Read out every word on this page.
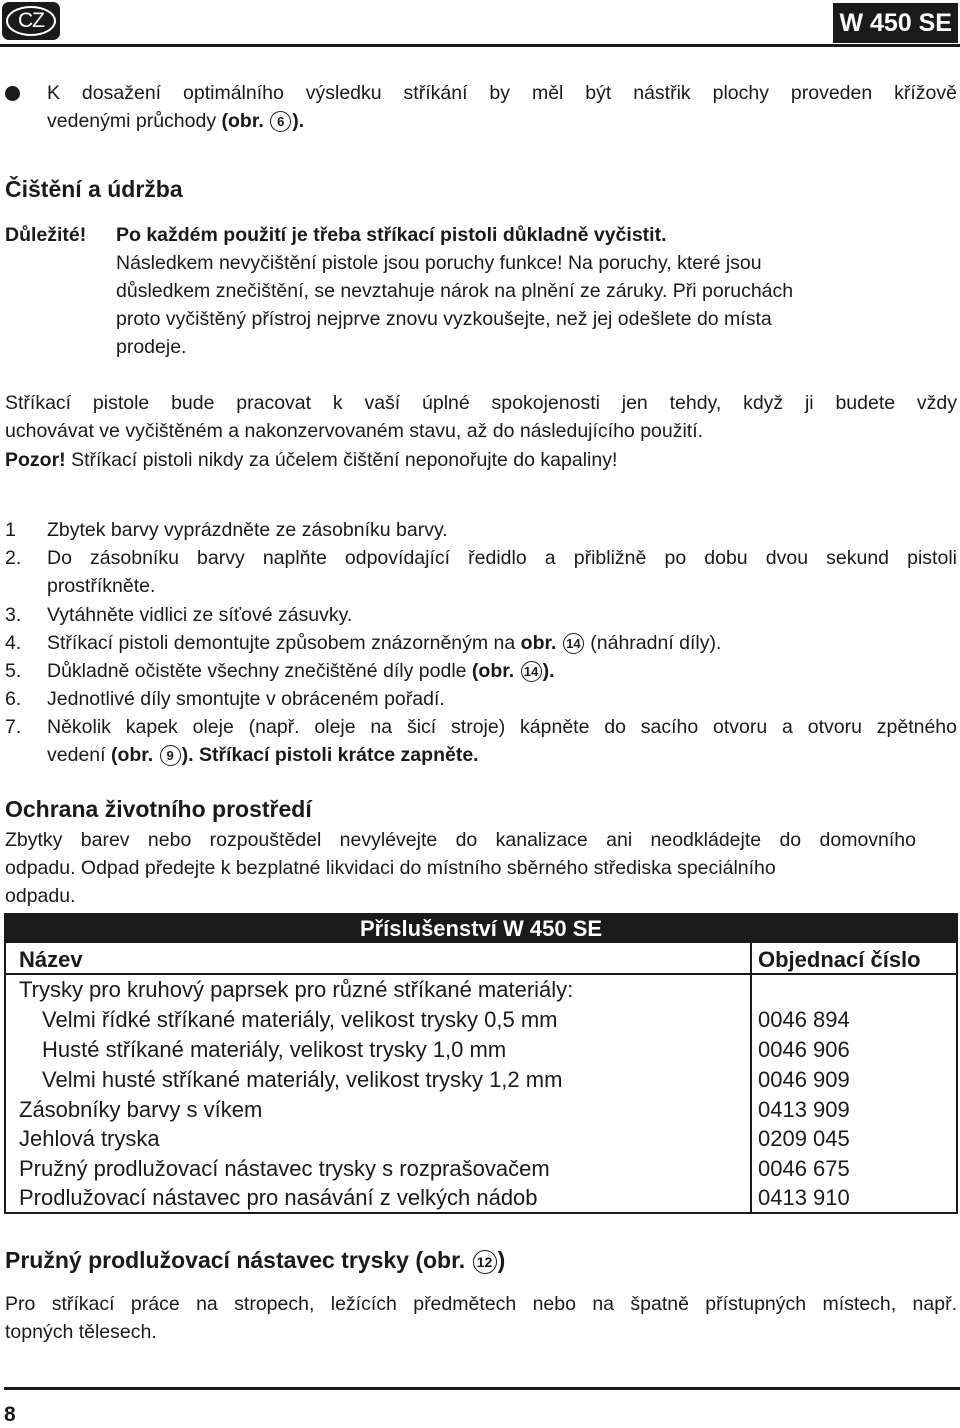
CZ	W 450 SE
K dosažení optimálního výsledku stříkání by měl být nástřik plochy proveden křížově
vedenými průchody (obr. 6 ).
Čištění a údržba
Důležité! Po každém použití je třeba stříkací pistoli důkladně vyčistit.
Následkem nevyčištění pistole jsou poruchy funkce! Na poruchy, které jsou
důsledkem znečištění, se nevztahuje nárok na plnění ze záruky. Při poruchách
proto vyčištěný přístroj nejprve znovu vyzkoušejte, než jej odešlete do místa
prodeje.
Stříkací pistole bude pracovat k vaší úplné spokojenosti jen tehdy, když ji budete vždy
uchovávat ve vyčištěném a nakonzervovaném stavu, až do následujícího použití.
Pozor! Stříkací pistoli nikdy za účelem čištění neponořujte do kapaliny!
1 Zbytek barvy vyprázdněte ze zásobníku barvy.
2. Do zásobníku barvy naplňte odpovídající ředidlo a přibližně po dobu dvou sekund pistoli
prostříkněte.
3. Vytáhněte vidlici ze síťové zásuvky.
4. Stříkací pistoli demontujte způsobem znázorněným na obr. 14 (náhradní díly).
5. Důkladně očistěte všechny znečištěné díly podle (obr. 14 ).
6. Jednotlivé díly smontujte v obráceném pořadí.
7. Několik kapek oleje (např. oleje na šicí stroje) kápněte do sacího otvoru a otvoru zpětného
vedení (obr. 9 ). Stříkací pistoli krátce zapněte.
Ochrana životního prostředí
Zbytky barev nebo rozpouštědel nevylévejte do kanalizace ani neodkládejte do domovního
odpadu. Odpad předejte k bezplatné likvidaci do místního sběrného střediska speciálního
odpadu.
Příslušenství W 450 SE
Název	Objednací číslo
Trysky pro kruhový paprsek pro různé stříkané materiály:
Velmi řídké stříkané materiály, velikost trysky 0,5 mm	0046 894
Husté stříkané materiály, velikost trysky 1,0 mm	0046 906
Velmi husté stříkané materiály, velikost trysky 1,2 mm	0046 909
Zásobníky barvy s víkem	0413 909
Jehlová tryska	0209 045
Pružný prodlužovací nástavec trysky s rozprašovačem	0046 675
Prodlužovací nástavec pro nasávání z velkých nádob	0413 910
Pružný prodlužovací nástavec trysky (obr. 12 )
Pro stříkací práce na stropech, ležících předmětech nebo na špatně přístupných místech, např.
topných tělesech.
8
